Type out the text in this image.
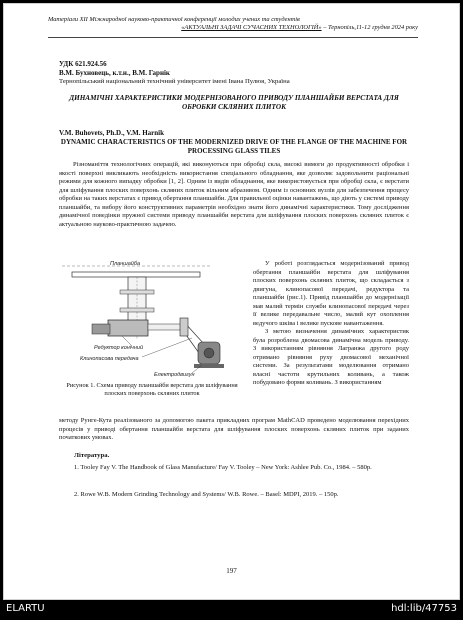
Матеріали ХІІ Міжнародної науково-практичної конференції молодих учених та студентів
«АКТУАЛЬНІ ЗАДАЧІ СУЧАСНИХ ТЕХНОЛОГІЙ» – Тернопіль,11-12 грудня 2024 року
УДК 621.924.56
В.М. Бухновець, к.т.н., В.М. Гарнік
Тернопільський національний технічний університет імені Івана Пулюя, Україна
ДИНАМІЧНІ ХАРАКТЕРИСТИКИ МОДЕРНІЗОВАНОГО ПРИВОДУ ПЛАНШАЙБИ ВЕРСТАТА ДЛЯ ОБРОБКИ СКЛЯНИХ ПЛИТОК
V.M. Buhovets, Ph.D., V.M. Harnik
DYNAMIC CHARACTERISTICS OF THE MODERNIZED DRIVE OF THE FLANGE OF THE MACHINE FOR PROCESSING GLASS TILES

Різноманіття технологічних операцій, які виконуються при обробці скла, високі вимоги до продуктивності обробки і якості поверхні викликають необхідність використання спеціального обладнання, яке дозволяє задовольнити раціональні режими для кожного випадку обробки [1, 2]. Одним із видів обладнання, яке використовується при обробці скла, є верстати для шліфування плоских поверхонь скляних плиток вільним абразивом. Одним із основних вузлів для забезпечення процесу обробки на таких верстатах є привод обертання планшайби. Для правильної оцінки навантажень, що діють у системі приводу планшайби, та вибору його конструктивних параметрів необхідно знати його динамічні характеристики. Тому дослідження динамічної поведінки пружної системи приводу планшайби верстата для шліфування плоских поверхонь скляних плиток є актуальною науково-практичною задачею.

Планшайба
Редуктор конічний
Клинопасова передача
Електродвигун
Рисунок 1. Схема приводу планшайби верстата для шліфування плоских поверхонь скляних плиток

У роботі розглядається модернізований привод обертання планшайби верстата для шліфування плоских поверхонь скляних плиток, що складається з двигуна, клинопасової передачі, редуктора та планшайби (рис.1). Привід планшайби до модернізації мав малий термін служби клинопасової передачі через її велике передавальне число, малий кут охоплення ведучого шківа і велике пускове навантаження.

З метою визначення динамічних характеристик була розроблена двомасова динамічна модель приводу. З використанням рівняння Лагранжа другого роду отримано рівняння руху двомасової механічної системи. За результатами моделювання отримано власні частоти крутильних коливань, а також побудовано форми коливань. З використанням

методу Рунге-Кута реалізованого за допомогою пакета прикладних програм MathCAD проведено моделювання перехідних процесів у приводі обертання планшайби верстата для шліфування плоских поверхонь скляних плиток при заданих початкових умовах.

Література.

1. Tooley Fay V. The Handbook of Glass Manufacture/ Fay V. Tooley – New York: Ashlee Pub. Co., 1984. – 580p.

2. Rowe W.B. Modern Grinding Technology and Systems/ W.B. Rowe. – Basel: MDPI, 2019. – 150p.

197
ELARTU	hdl:lib/47753
